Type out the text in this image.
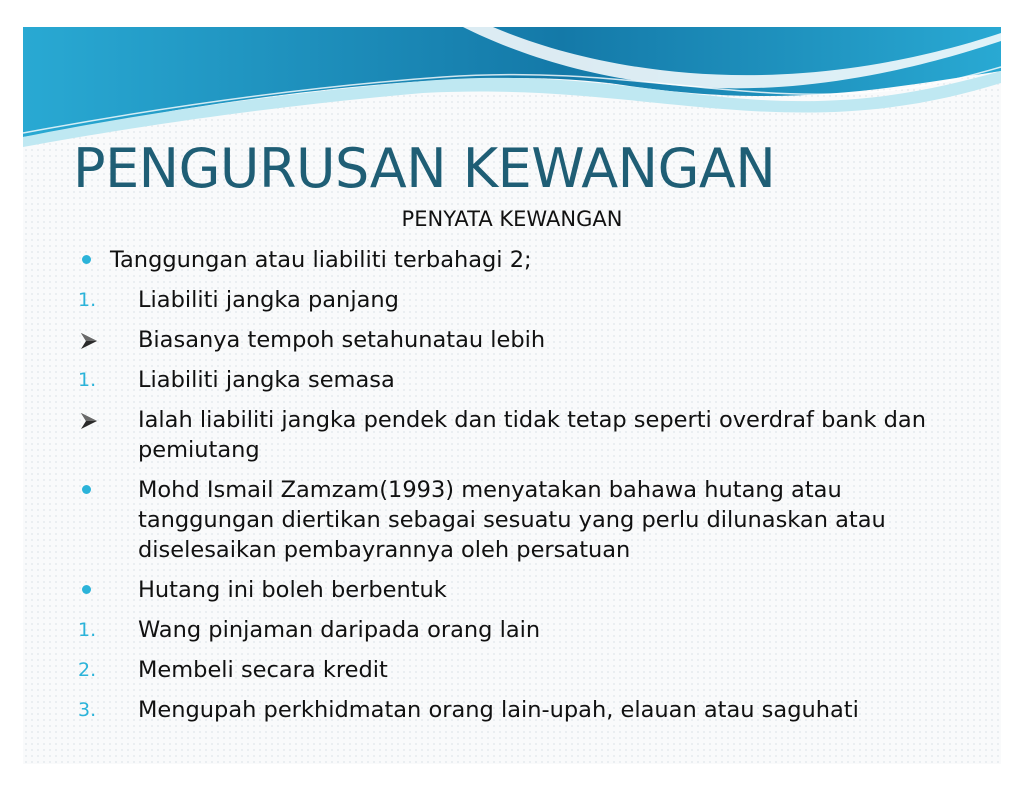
PENGURUSAN KEWANGAN
PENYATA KEWANGAN
Tanggungan atau liabiliti terbahagi 2;
1.	Liabiliti jangka panjang
Biasanya tempoh setahunatau lebih
1.	Liabiliti jangka semasa
Ialah liabiliti jangka pendek dan tidak tetap seperti overdraf bank dan pemiutang
Mohd Ismail Zamzam(1993) menyatakan bahawa hutang atau tanggungan diertikan sebagai sesuatu yang perlu dilunaskan atau diselesaikan pembayrannya oleh persatuan
Hutang ini boleh berbentuk
1.	Wang pinjaman daripada orang lain
2.	Membeli secara kredit
3.	Mengupah perkhidmatan orang lain-upah, elauan atau saguhati
